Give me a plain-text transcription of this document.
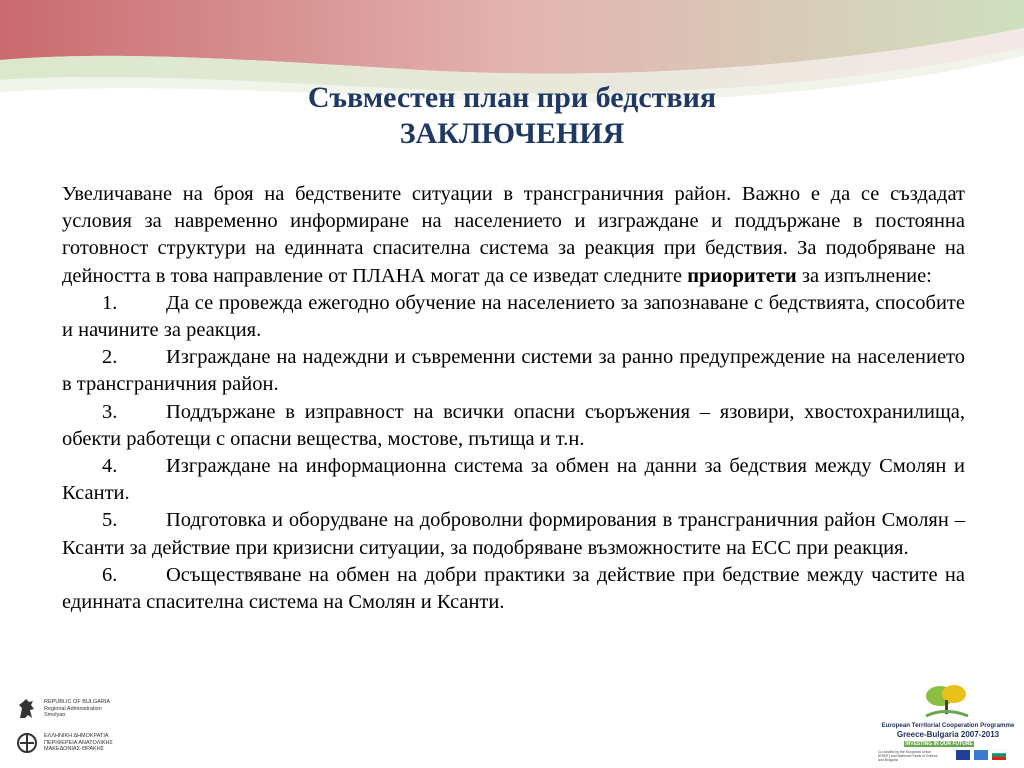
Съвместен план при бедствия
ЗАКЛЮЧЕНИЯ

Увеличаване на броя на бедствените ситуации в трансграничния район. Важно е да се създадат условия за навременно информиране на населението и изграждане и поддържане в постоянна готовност структури на единната спасителна система за реакция при бедствия. За подобряване на дейността в това направление от ПЛАНА могат да се изведат следните приоритети за изпълнение:

1. Да се провежда ежегодно обучение на населението за запознаване с бедствията, способите и начините за реакция.

2. Изграждане на надеждни и съвременни системи за ранно предупреждение на населението в трансграничния район.

3. Поддържане в изправност на всички опасни съоръжения – язовири, хвостохранилища, обекти работещи с опасни вещества, мостове, пътища и т.н.

4. Изграждане на информационна система за обмен на данни за бедствия между Смолян и Ксанти.

5. Подготовка и оборудване на доброволни формирования в трансграничния район Смолян – Ксанти за действие при кризисни ситуации, за подобряване възможностите на ЕСС при реакция.

6. Осъществяване на обмен на добри практики за действие при бедствие между частите на единната спасителна система на Смолян и Ксанти.

REPUBLIC OF BULGARIA
Regional Administration
Smolyan
ΕΛΛΗΝΙΚΗ ΔΗΜΟΚΡΑΤΙΑ
ΠΕΡΙΦΕΡΕΙΑ ΑΝΑΤΟΛΙΚΗΣ
ΜΑΚΕΔΟΝΙΑΣ-ΘΡΑΚΗΣ
European Territorial Cooperation Programme
Greece-Bulgaria 2007-2013
INVESTING IN OUR FUTURE
Co-funded by the European Union (ERDF) and National Funds of Greece and Bulgaria
